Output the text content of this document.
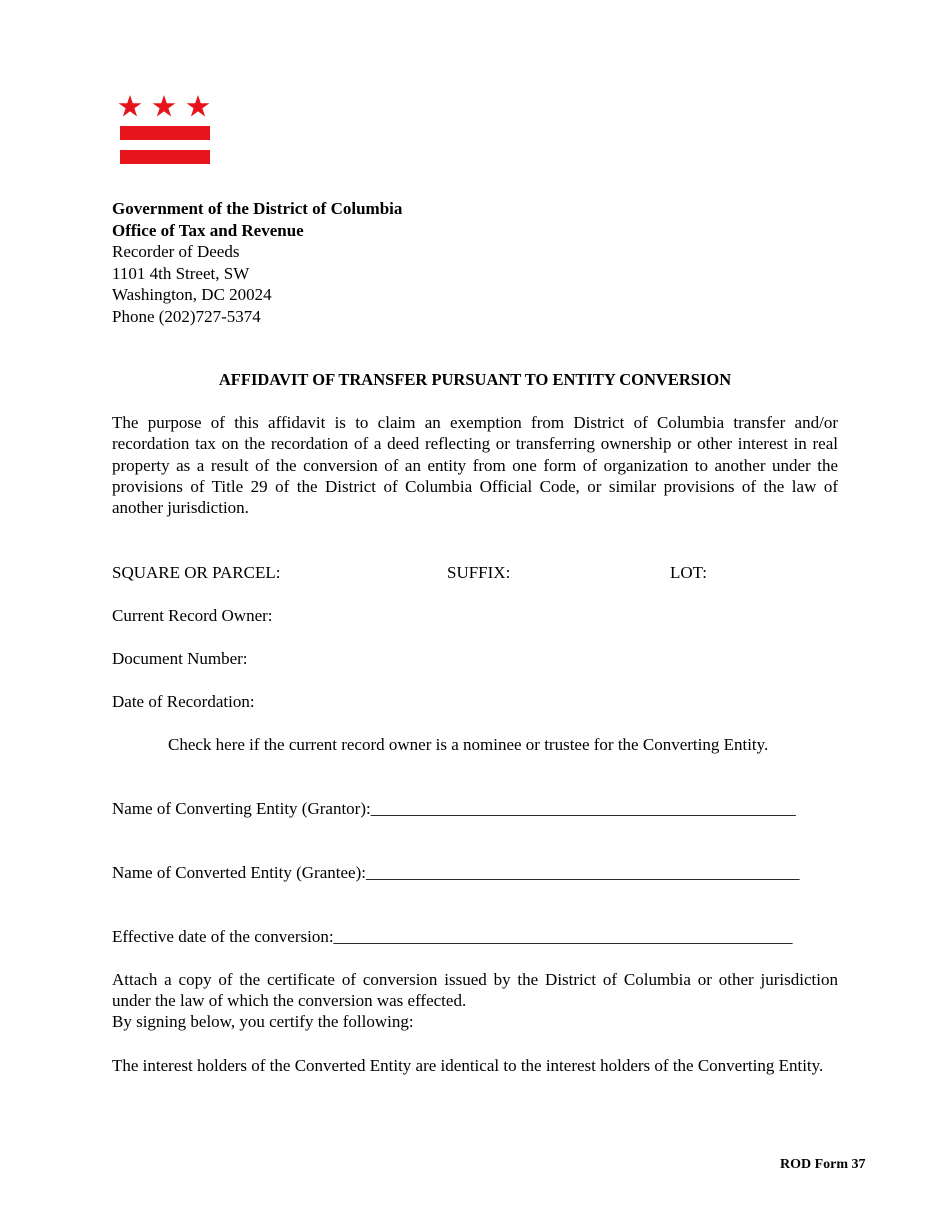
Government of the District of Columbia
Office of Tax and Revenue
Recorder of Deeds
1101 4th Street, SW
Washington, DC 20024
Phone (202)727-5374
AFFIDAVIT OF TRANSFER PURSUANT TO ENTITY CONVERSION
The purpose of this affidavit is to claim an exemption from District of Columbia transfer and/or recordation tax on the recordation of a deed reflecting or transferring ownership or other interest in real property as a result of the conversion of an entity from one form of organization to another under the provisions of Title 29 of the District of Columbia Official Code, or similar provisions of the law of another jurisdiction.
SQUARE OR PARCEL:	SUFFIX:	LOT:
Current Record Owner:
Document Number:
Date of Recordation:
Check here if the current record owner is a nominee or trustee for the Converting Entity.
Name of Converting Entity (Grantor):__________________________________________________
Name of Converted Entity (Grantee):___________________________________________________
Effective date of the conversion:______________________________________________________
Attach a copy of the certificate of conversion issued by the District of Columbia or other jurisdiction under the law of which the conversion was effected.
By signing below, you certify the following:
The interest holders of the Converted Entity are identical to the interest holders of the Converting Entity.
ROD Form 37
